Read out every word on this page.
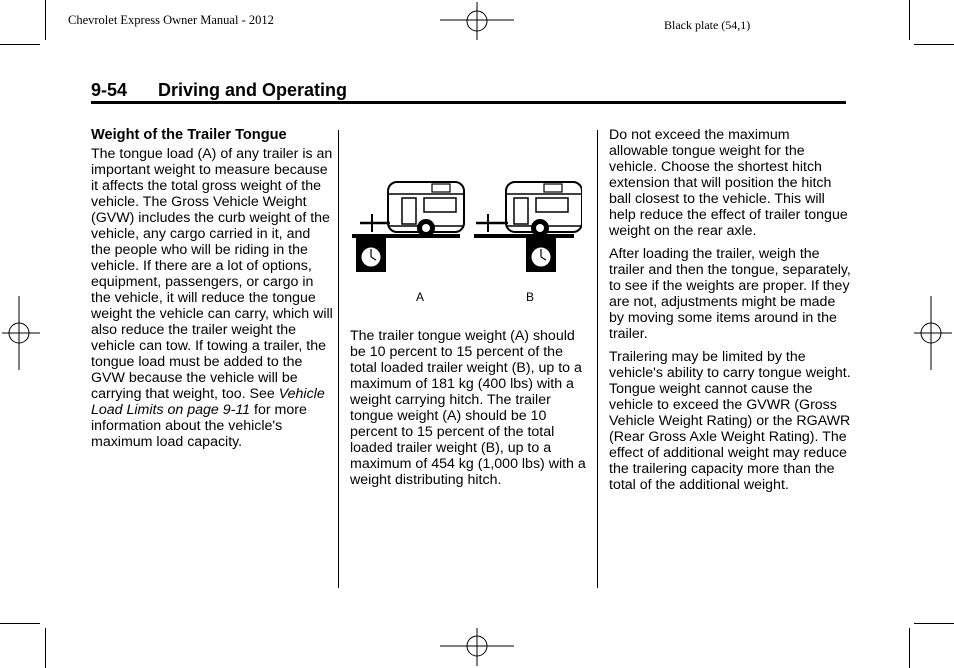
Chevrolet Express Owner Manual - 2012	Black plate (54,1)
9-54 Driving and Operating
Weight of the Trailer Tongue

The tongue load (A) of any trailer is an important weight to measure because it affects the total gross weight of the vehicle. The Gross Vehicle Weight (GVW) includes the curb weight of the vehicle, any cargo carried in it, and the people who will be riding in the vehicle. If there are a lot of options, equipment, passengers, or cargo in the vehicle, it will reduce the tongue weight the vehicle can carry, which will also reduce the trailer weight the vehicle can tow. If towing a trailer, the tongue load must be added to the GVW because the vehicle will be carrying that weight, too. See Vehicle Load Limits on page 9-11 for more information about the vehicle's maximum load capacity.

A	B

The trailer tongue weight (A) should be 10 percent to 15 percent of the total loaded trailer weight (B), up to a maximum of 181 kg (400 lbs) with a weight carrying hitch. The trailer tongue weight (A) should be 10 percent to 15 percent of the total loaded trailer weight (B), up to a maximum of 454 kg (1,000 lbs) with a weight distributing hitch.

Do not exceed the maximum allowable tongue weight for the vehicle. Choose the shortest hitch extension that will position the hitch ball closest to the vehicle. This will help reduce the effect of trailer tongue weight on the rear axle.

After loading the trailer, weigh the trailer and then the tongue, separately, to see if the weights are proper. If they are not, adjustments might be made by moving some items around in the trailer.

Trailering may be limited by the vehicle's ability to carry tongue weight. Tongue weight cannot cause the vehicle to exceed the GVWR (Gross Vehicle Weight Rating) or the RGAWR (Rear Gross Axle Weight Rating). The effect of additional weight may reduce the trailering capacity more than the total of the additional weight.
